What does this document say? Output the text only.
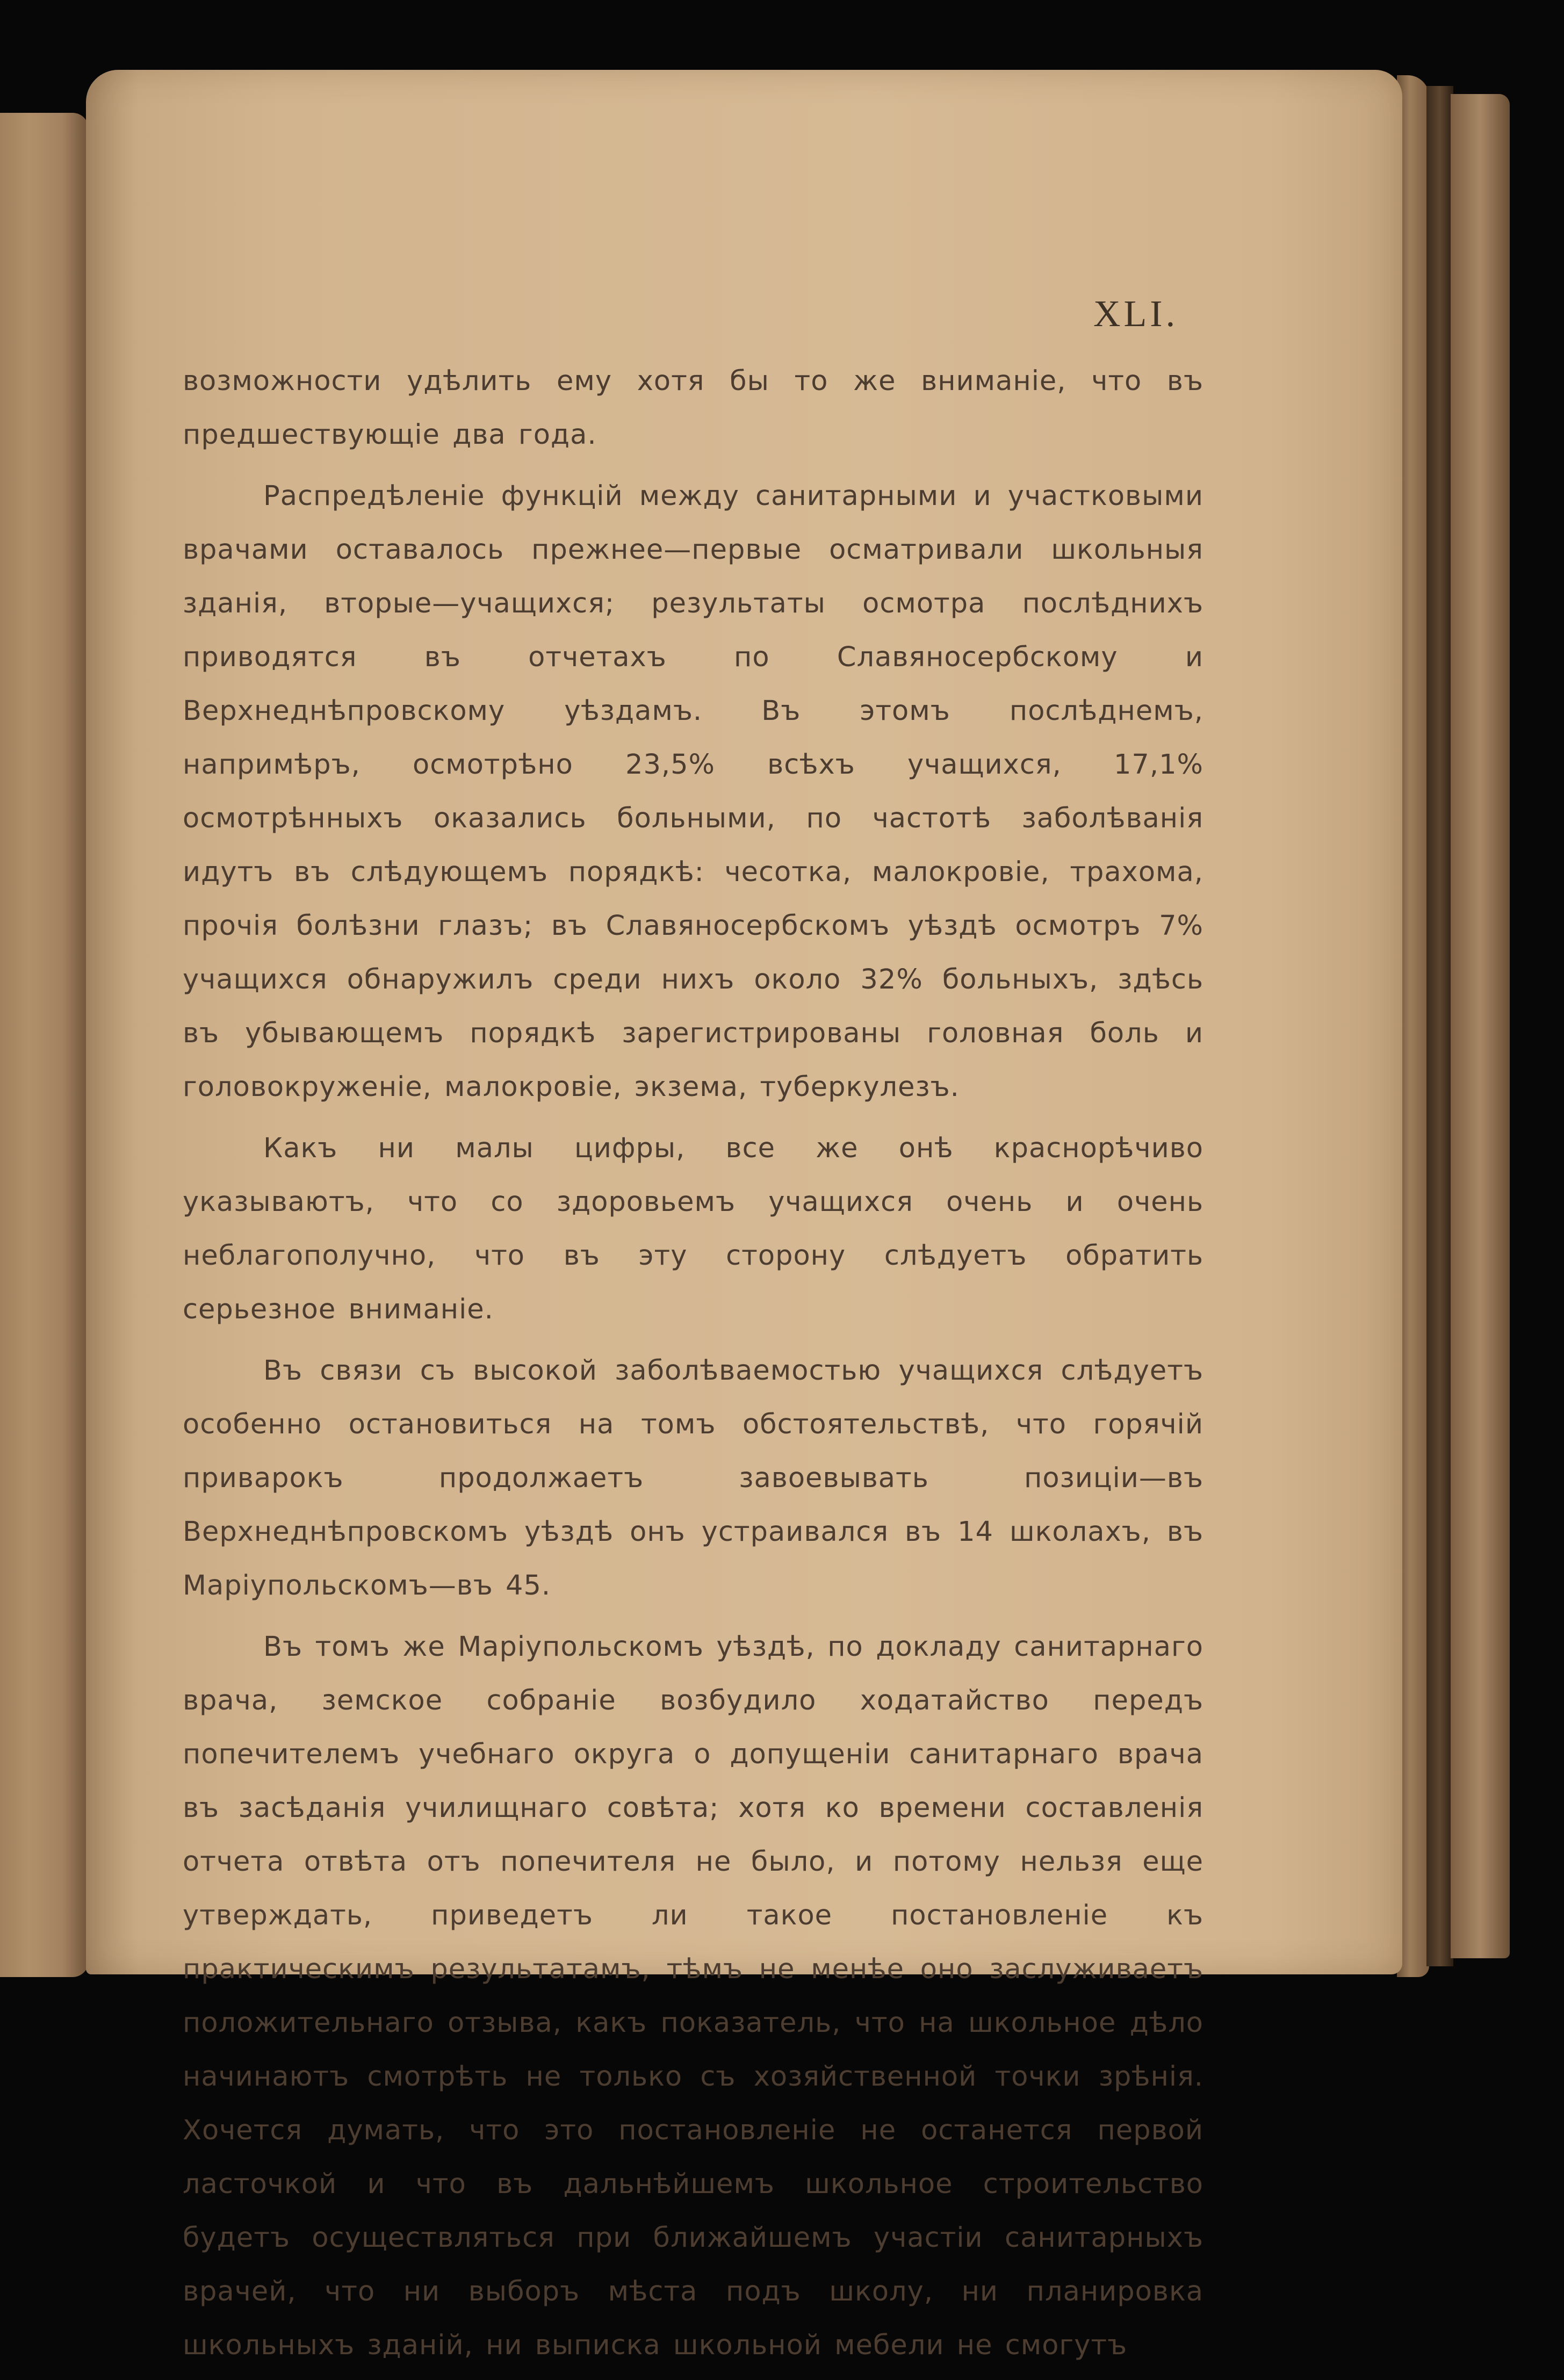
XLI.

возможности удѣлить ему хотя бы то же вниманіе, что въ предшествующіе два года.

Распредѣленіе функцій между санитарными и участковыми врачами оставалось прежнее—первые осматривали школьныя зданія, вторые—учащихся; результаты осмотра послѣднихъ приводятся въ отчетахъ по Славяносербскому и Верхнеднѣпровскому уѣздамъ. Въ этомъ послѣднемъ, напримѣръ, осмотрѣно 23,5% всѣхъ учащихся, 17,1% осмотрѣнныхъ оказались больными, по частотѣ заболѣванія идутъ въ слѣдующемъ порядкѣ: чесотка, малокровіе, трахома, прочія болѣзни глазъ; въ Славяносербскомъ уѣздѣ осмотръ 7% учащихся обнаружилъ среди нихъ около 32% больныхъ, здѣсь въ убывающемъ порядкѣ зарегистрированы головная боль и головокруженіе, малокровіе, экзема, туберкулезъ.

Какъ ни малы цифры, все же онѣ краснорѣчиво указываютъ, что со здоровьемъ учащихся очень и очень неблагополучно, что въ эту сторону слѣдуетъ обратить серьезное вниманіе.

Въ связи съ высокой заболѣваемостью учащихся слѣдуетъ особенно остановиться на томъ обстоятельствѣ, что горячій приварокъ продолжаетъ завоевывать позиціи—въ Верхнеднѣпровскомъ уѣздѣ онъ устраивался въ 14 школахъ, въ Маріупольскомъ—въ 45.

Въ томъ же Маріупольскомъ уѣздѣ, по докладу санитарнаго врача, земское собраніе возбудило ходатайство передъ попечителемъ учебнаго округа о допущеніи санитарнаго врача въ засѣданія училищнаго совѣта; хотя ко времени составленія отчета отвѣта отъ попечителя не было, и потому нельзя еще утверждать, приведетъ ли такое постановленіе къ практическимъ результатамъ, тѣмъ не менѣе оно заслуживаетъ положительнаго отзыва, какъ показатель, что на школьное дѣло начинаютъ смотрѣть не только съ хозяйственной точки зрѣнія. Хочется думать, что это постановленіе не останется первой ласточкой и что въ дальнѣйшемъ школьное строительство будетъ осуществляться при ближайшемъ участіи санитарныхъ врачей, что ни выборъ мѣста подъ школу, ни планировка школьныхъ зданій, ни выписка школьной мебели не смогутъ
